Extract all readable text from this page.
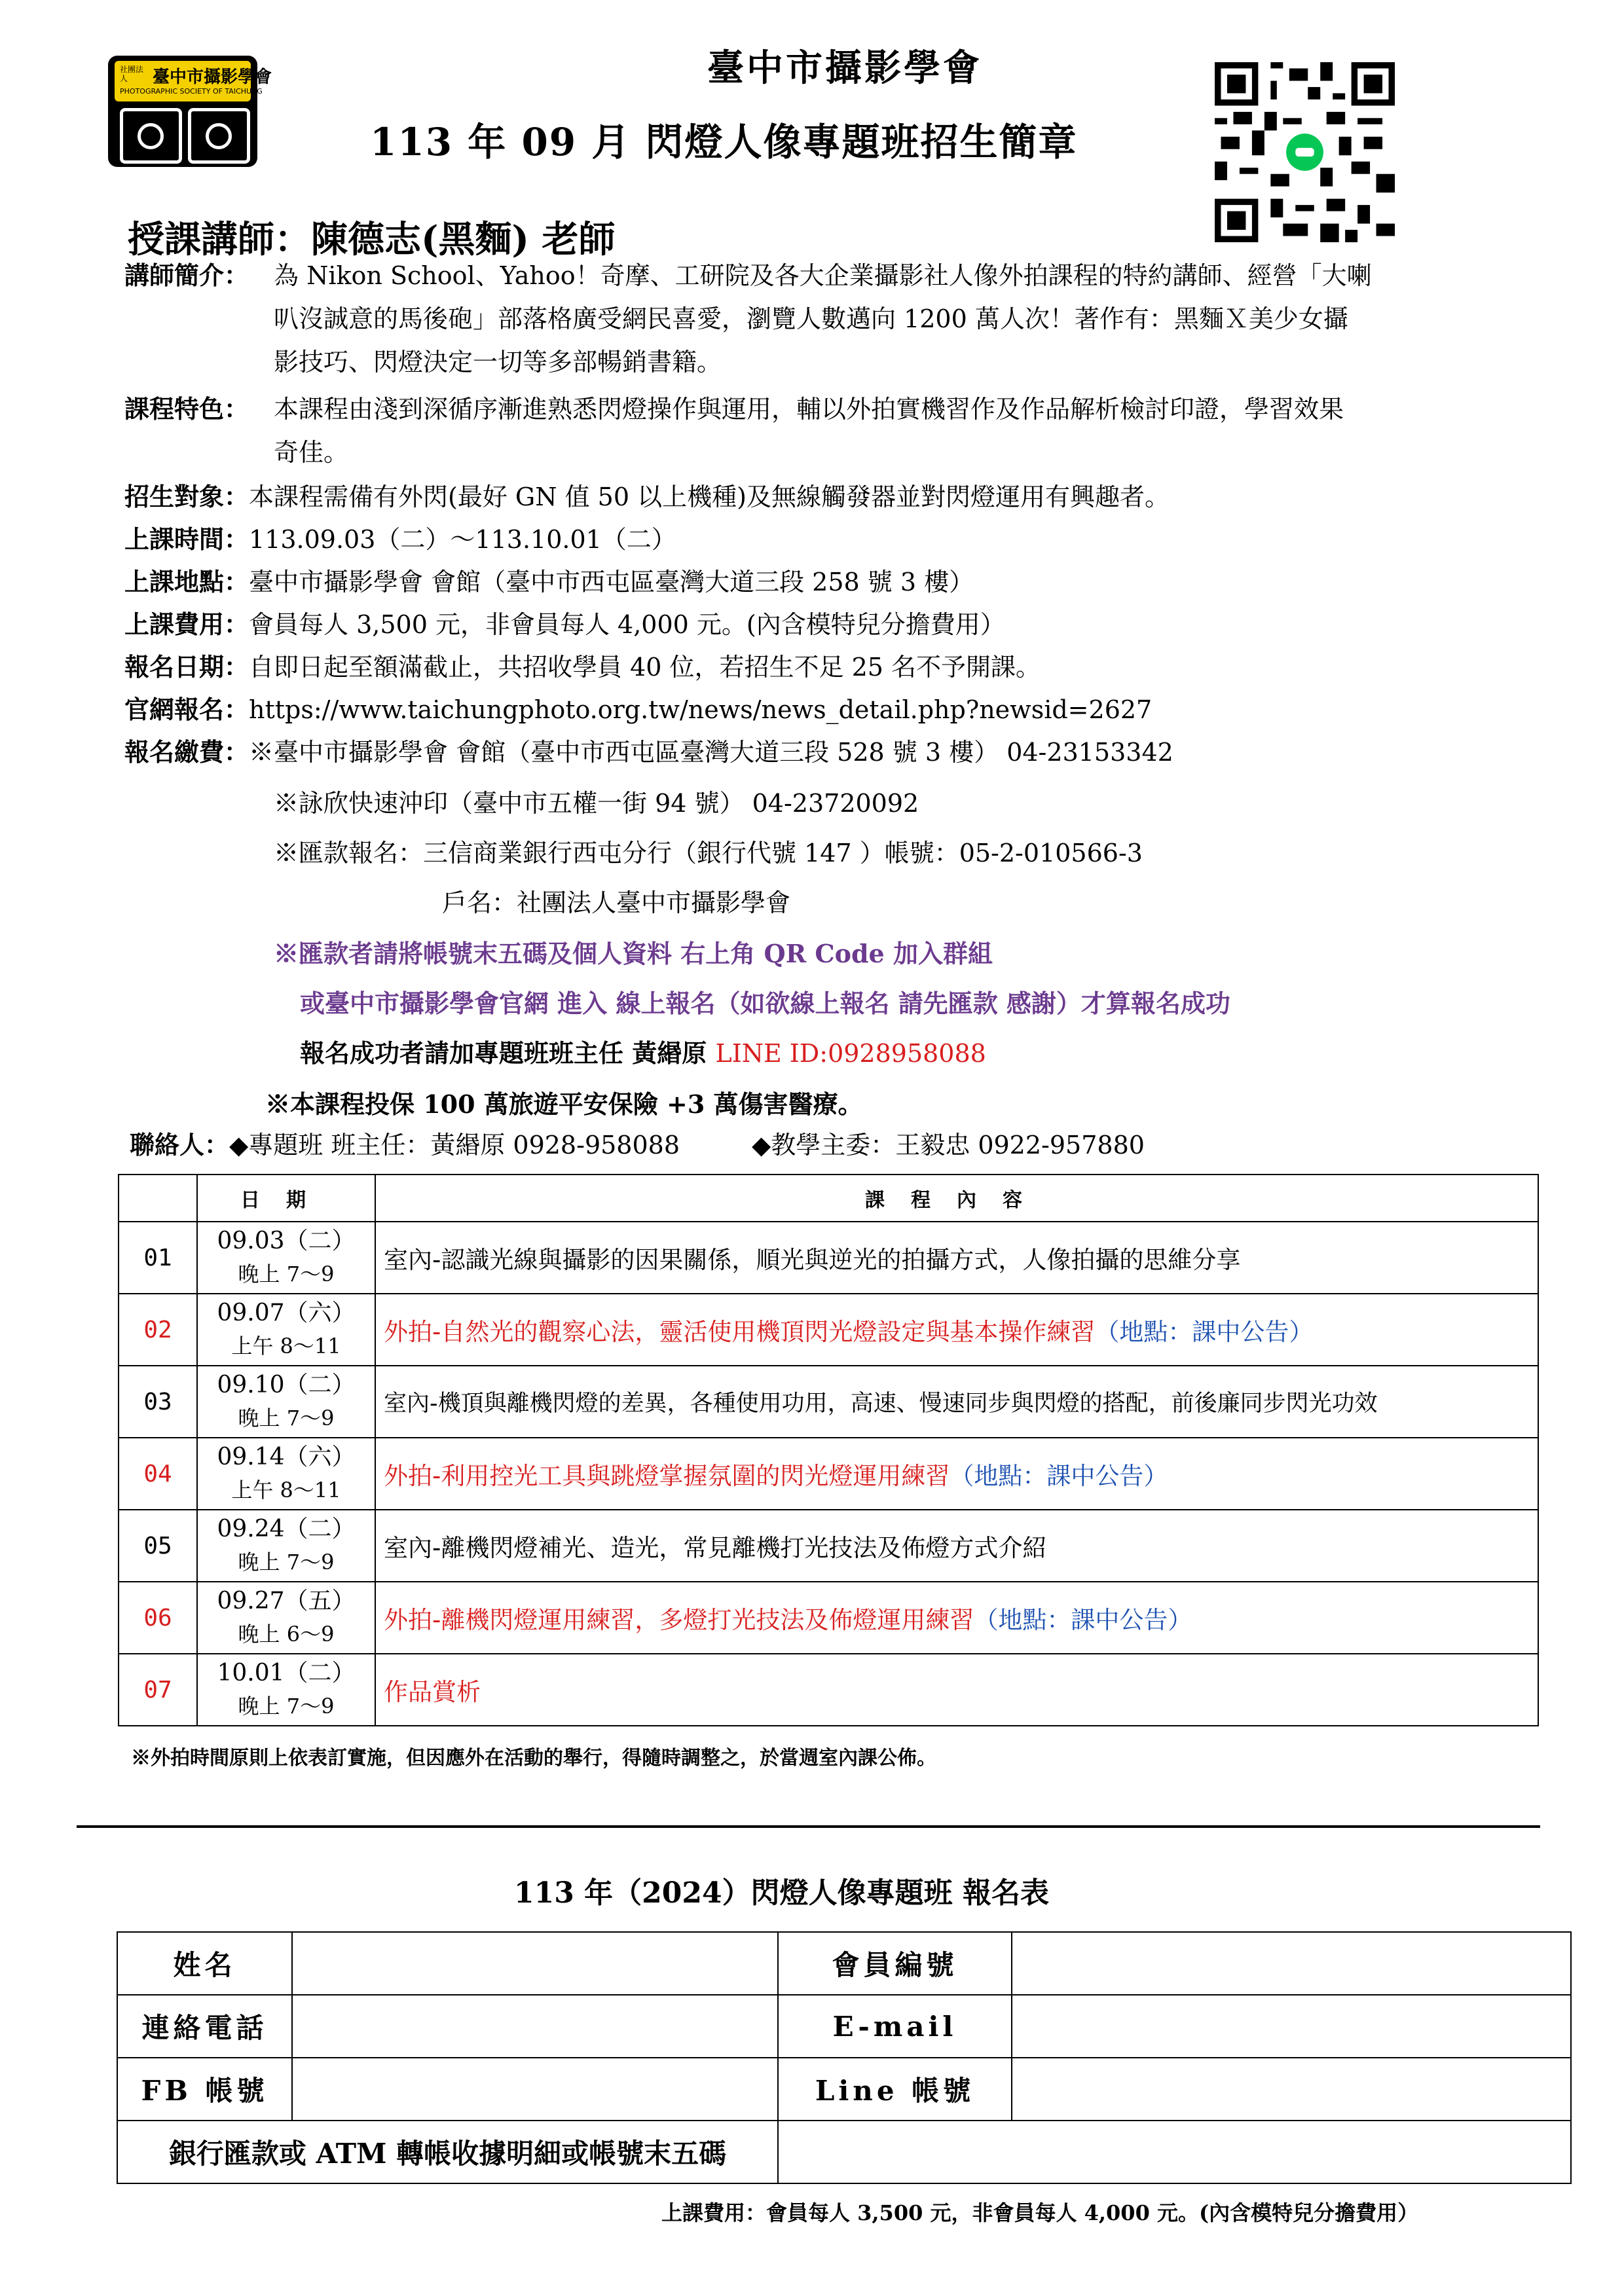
社團法人	臺中市攝影學會
PHOTOGRAPHIC SOCIETY OF TAICHUNG
臺中市攝影學會
113 年 09 月 閃燈人像專題班招生簡章
授課講師：陳德志(黑麵) 老師
講師簡介： 為 Nikon School、Yahoo！奇摩、工研院及各大企業攝影社人像外拍課程的特約講師、經營「大喇
叭沒誠意的馬後砲」部落格廣受網民喜愛，瀏覽人數邁向 1200 萬人次！著作有：黑麵Ｘ美少女攝
影技巧、閃燈決定一切等多部暢銷書籍。
課程特色： 本課程由淺到深循序漸進熟悉閃燈操作與運用，輔以外拍實機習作及作品解析檢討印證，學習效果
奇佳。
招生對象：本課程需備有外閃(最好 GN 值 50 以上機種)及無線觸發器並對閃燈運用有興趣者。
上課時間：113.09.03（二）～113.10.01（二）
上課地點：臺中市攝影學會 會館（臺中市西屯區臺灣大道三段 258 號 3 樓）
上課費用：會員每人 3,500 元，非會員每人 4,000 元。(內含模特兒分擔費用）
報名日期：自即日起至額滿截止，共招收學員 40 位，若招生不足 25 名不予開課。
官網報名：https://www.taichungphoto.org.tw/news/news_detail.php?newsid=2627
報名繳費：※臺中市攝影學會 會館（臺中市西屯區臺灣大道三段 528 號 3 樓） 04-23153342
※詠欣快速沖印（臺中市五權一街 94 號） 04-23720092
※匯款報名：三信商業銀行西屯分行（銀行代號 147 ）帳號：05-2-010566-3
戶名：社團法人臺中市攝影學會
※匯款者請將帳號末五碼及個人資料 右上角 QR Code 加入群組
或臺中市攝影學會官網 進入 線上報名（如欲線上報名 請先匯款 感謝）才算報名成功
報名成功者請加專題班班主任 黃緡原 LINE ID:0928958088
※本課程投保 100 萬旅遊平安保險 +3 萬傷害醫療。
聯絡人：◆專題班 班主任：黃緡原 0928-958088	◆教學主委：王毅忠 0922-957880
	日期	課程內容
01	09.03（二）
晚上 7～9	室內-認識光線與攝影的因果關係，順光與逆光的拍攝方式，人像拍攝的思維分享
02	09.07（六）
上午 8～11	外拍-自然光的觀察心法，靈活使用機頂閃光燈設定與基本操作練習（地點：課中公告）
03	09.10（二）
晚上 7～9	室內-機頂與離機閃燈的差異，各種使用功用，高速、慢速同步與閃燈的搭配，前後廉同步閃光功效
04	09.14（六）
上午 8～11	外拍-利用控光工具與跳燈掌握氛圍的閃光燈運用練習（地點：課中公告）
05	09.24（二）
晚上 7～9	室內-離機閃燈補光、造光，常見離機打光技法及佈燈方式介紹
06	09.27（五）
晚上 6～9	外拍-離機閃燈運用練習，多燈打光技法及佈燈運用練習（地點：課中公告）
07	10.01（二）
晚上 7～9	作品賞析
※外拍時間原則上依表訂實施，但因應外在活動的舉行，得隨時調整之，於當週室內課公佈。
113 年（2024）閃燈人像專題班 報名表
姓名		會員編號	
連絡電話		E-mail	
FB 帳號		Line 帳號	
銀行匯款或 ATM 轉帳收據明細或帳號末五碼			
上課費用：會員每人 3,500 元，非會員每人 4,000 元。(內含模特兒分擔費用）
